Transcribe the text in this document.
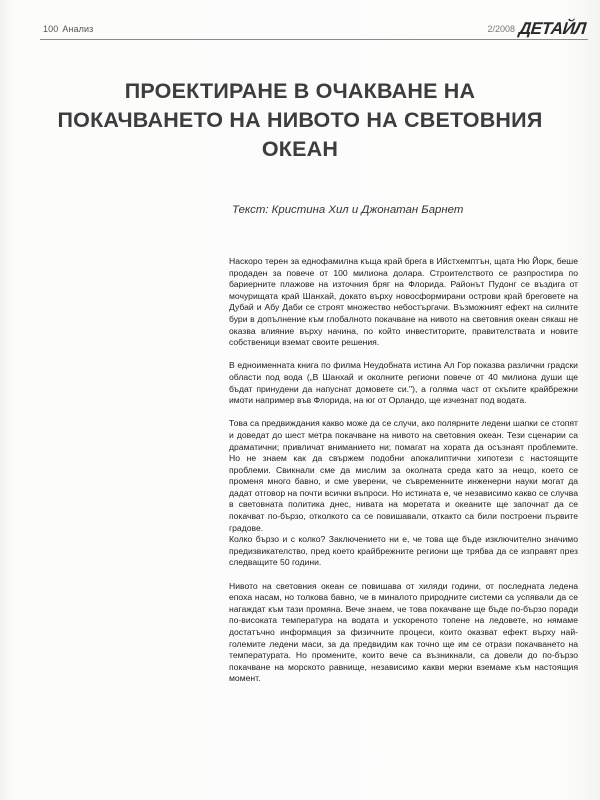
100 Анализ	2/2008 ДЕТАЙЛ
ПРОЕКТИРАНЕ В ОЧАКВАНЕ НА ПОКАЧВАНЕТО НА НИВОТО НА СВЕТОВНИЯ ОКЕАН
Текст: Кристина Хил и Джонатан Барнет

Наскоро терен за еднофамилна къща край брега в Ийстхемптън, щата Ню Йорк, беше продаден за повече от 100 милиона долара. Строителството се разпростира по бариерните плажове на източния бряг на Флорида. Районът Пудонг се въздига от мочурищата край Шанхай, докато върху новосформирани острови край бреговете на Дубай и Абу Даби се строят множество небостъргачи. Възможният ефект на силните бури в допълнение към глобалното покачване на нивото на световния океан сякаш не оказва влияние върху начина, по който инвеститорите, правителствата и новите собственици вземат своите решения.

В едноименната книга по филма Неудобната истина Ал Гор показва различни градски области под вода („В Шанхай и околните региони повече от 40 милиона души ще бъдат принудени да напуснат домовете си."), а голяма част от скъпите крайбрежни имоти например във Флорида, на юг от Орландо, ще изчезнат под водата.

Това са предвиждания какво може да се случи, ако полярните ледени шапки се стопят и доведат до шест метра покачване на нивото на световния океан. Тези сценарии са драматични; привличат вниманието ни; помагат на хората да осъзнаят проблемите. Но не знаем как да свържем подобни апокалиптични хипотези с настоящите проблеми. Свикнали сме да мислим за околната среда като за нещо, което се променя много бавно, и сме уверени, че съвременните инженерни науки могат да дадат отговор на почти всички въпроси. Но истината е, че независимо какво се случва в световната политика днес, нивата на моретата и океаните ще започнат да се покачват по-бързо, отколкото са се повишавали, откакто са били построени първите градове.

Колко бързо и с колко? Заключението ни е, че това ще бъде изключително значимо предизвикателство, пред което крайбрежните региони ще трябва да се изправят през следващите 50 години.

Нивото на световния океан се повишава от хиляди години, от последната ледена епоха насам, но толкова бавно, че в миналото природните системи са успявали да се нагаждат към тази промяна. Вече знаем, че това покачване ще бъде по-бързо поради по-високата температура на водата и ускореното топене на ледовете, но нямаме достатъчно информация за физичните процеси, които оказват ефект върху най-големите ледени маси, за да предвидим как точно ще им се отрази покачването на температурата. Но промените, които вече са възникнали, са довели до по-бързо покачване на морското равнище, независимо какви мерки вземаме към настоящия момент.
